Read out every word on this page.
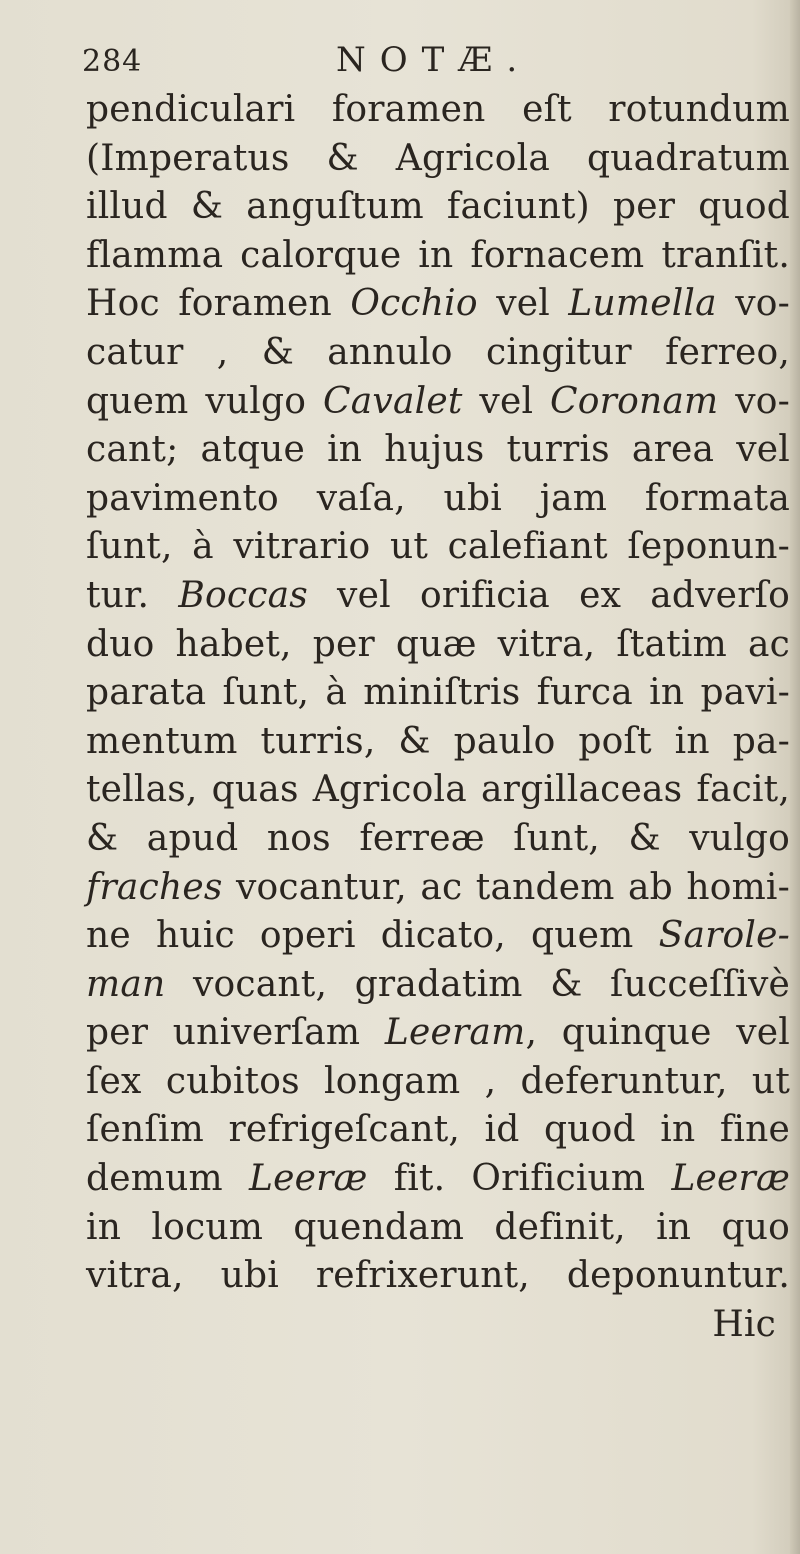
284	NOTÆ.
pendiculari foramen eſt rotundum
(Imperatus & Agricola quadratum
illud & anguſtum faciunt) per quod
flamma calorque in fornacem tranſit.
Hoc foramen Occhio vel Lumella vo-
catur , & annulo cingitur ferreo,
quem vulgo Cavalet vel Coronam vo-
cant; atque in hujus turris area vel
pavimento vaſa, ubi jam formata
ſunt, à vitrario ut calefiant ſeponun-
tur. Boccas vel orificia ex adverſo
duo habet, per quæ vitra, ſtatim ac
parata ſunt, à miniſtris furca in pavi-
mentum turris, & paulo poſt in pa-
tellas, quas Agricola argillaceas facit,
& apud nos ferreæ ſunt, & vulgo
fraches vocantur, ac tandem ab homi-
ne huic operi dicato, quem Sarole-
man vocant, gradatim & ſucceſſivè
per univerſam Leeram, quinque vel
ſex cubitos longam , deferuntur, ut
ſenſim refrigeſcant, id quod in fine
demum Leeræ fit. Orificium Leeræ
in locum quendam definit, in quo
vitra, ubi refrixerunt, deponuntur.
Hic
